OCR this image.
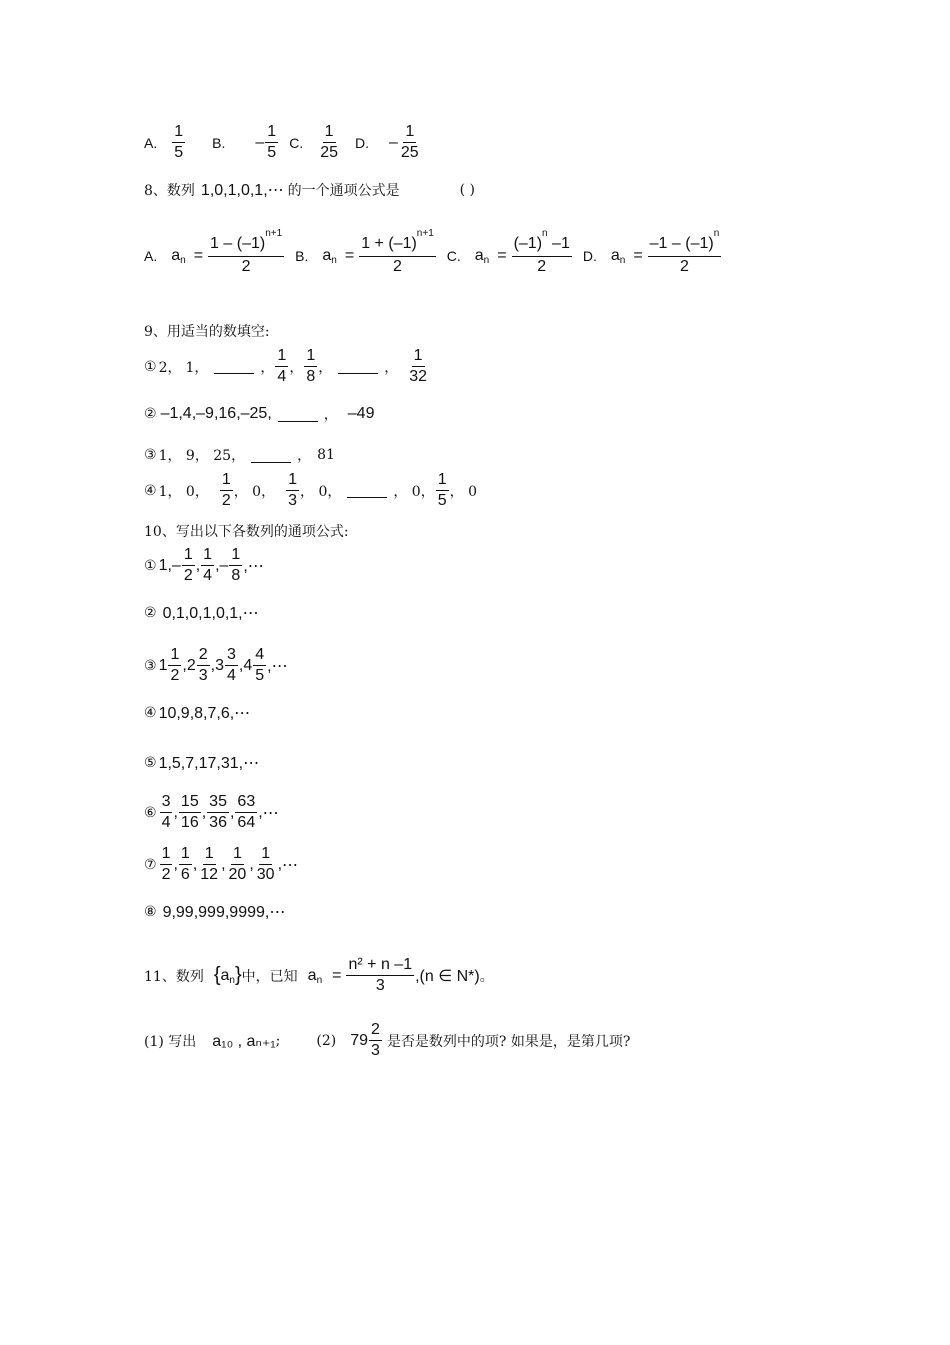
A. $\frac{1}{5} B$. – $\frac{1}{5} C$. $\frac{1}{25} D$. – $\frac{1}{25}$
8、数列 1,0,1,0,1,⋯ 的一个通项公式是	( )
A. a $n = \frac{1 - (-1)^{n+1}}{2} B$. a $n = \frac{1 + (-1)^{n+1}}{2} C$. a $n = \frac{(-1)^n -1}{2} D$. a $n = \frac{-1 - (-1)^n}{2}$
9、用适当的数填空:
① 2， 1，	， $\frac{1}{4}$ ， $\frac{1}{8}$ ，	， $\frac{1}{32}$
② –1,4,–9,16,–25,	， –49
③ 1， 9， 25，	， 81
④ 1， 0， $\frac{1}{2}$ ， 0， $\frac{1}{3}$ ， 0，	， 0， $\frac{1}{5}$ ， 0
10、写出以下各数列的通项公式:
① $1,- \frac{1}{2}$ , $\frac{1}{4}$ ,– $\frac{1}{8}$ ,⋯
② 0,1,0,1,0,1,⋯
③ $1 \frac{1}{2}$ , $2 \frac{2}{3}$ , $3 \frac{3}{4}$ , $4 \frac{4}{5}$ ,⋯
④ 10,9,8,7,6,⋯
⑤ 1,5,7,17,31,⋯
⑥ $\frac{3}{4}$ , $\frac{15}{16}$ , $\frac{35}{36}$ , $\frac{63}{64}$ , ⋯
⑦ $\frac{1}{2}$ , $\frac{1}{6}$ , $\frac{1}{12}$ , $\frac{1}{20}$ , $\frac{1}{30}$ , ⋯
⑧ 9,99,999,9999,⋯
11、数列 { a n } 中，已知 a $n = \frac{\text{n² + n –1}}{3} ,(n$ ∈ N*) 。
(1) 写出 a₁₀ , aₙ₊₁ ;	(2) $79 \frac{2}{3}$ 是否是数列中的项? 如果是，是第几项?
